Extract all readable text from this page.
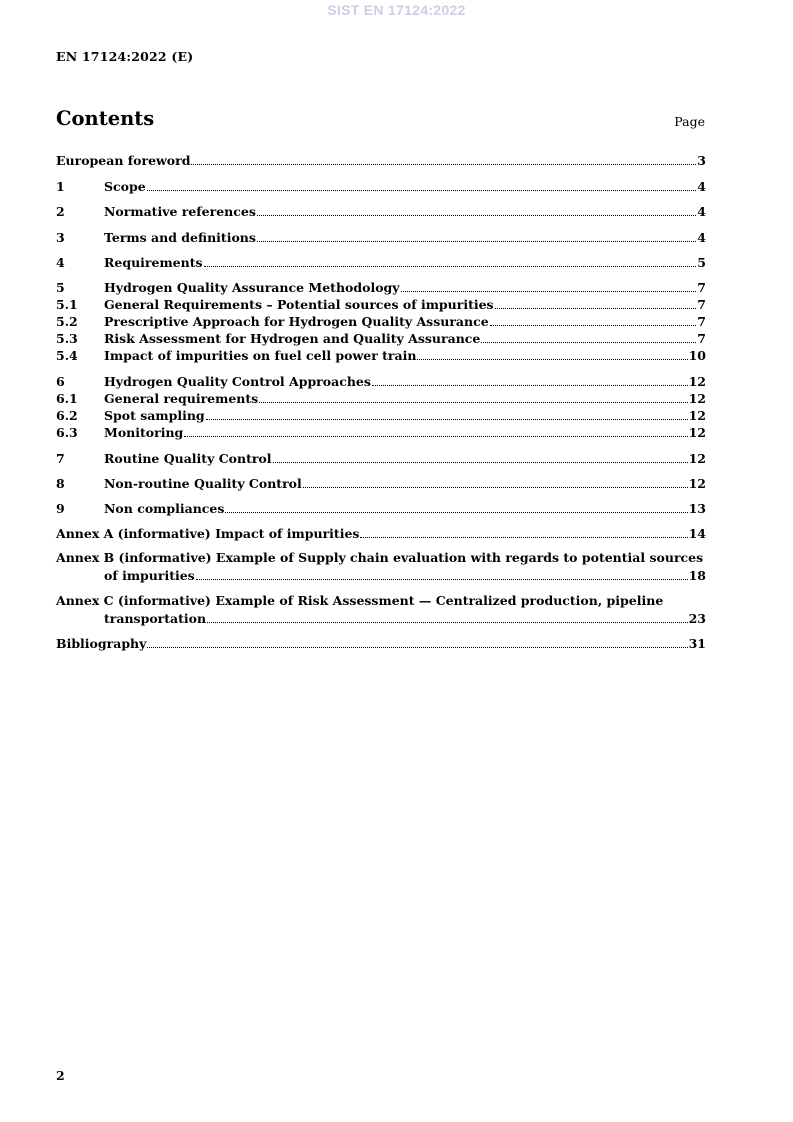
SIST EN 17124:2022
EN 17124:2022 (E)
Contents	Page
European foreword	3
1	Scope	4
2	Normative references	4
3	Terms and definitions	4
4	Requirements	5
5	Hydrogen Quality Assurance Methodology	7
5.1	General Requirements – Potential sources of impurities	7
5.2	Prescriptive Approach for Hydrogen Quality Assurance	7
5.3	Risk Assessment for Hydrogen and Quality Assurance	7
5.4	Impact of impurities on fuel cell power train	10
6	Hydrogen Quality Control Approaches	12
6.1	General requirements	12
6.2	Spot sampling	12
6.3	Monitoring	12
7	Routine Quality Control	12
8	Non-routine Quality Control	12
9	Non compliances	13
Annex A (informative) Impact of impurities	14
Annex B (informative) Example of Supply chain evaluation with regards to potential sources
of impurities	18
Annex C (informative) Example of Risk Assessment — Centralized production, pipeline
transportation	23
Bibliography	31
2
